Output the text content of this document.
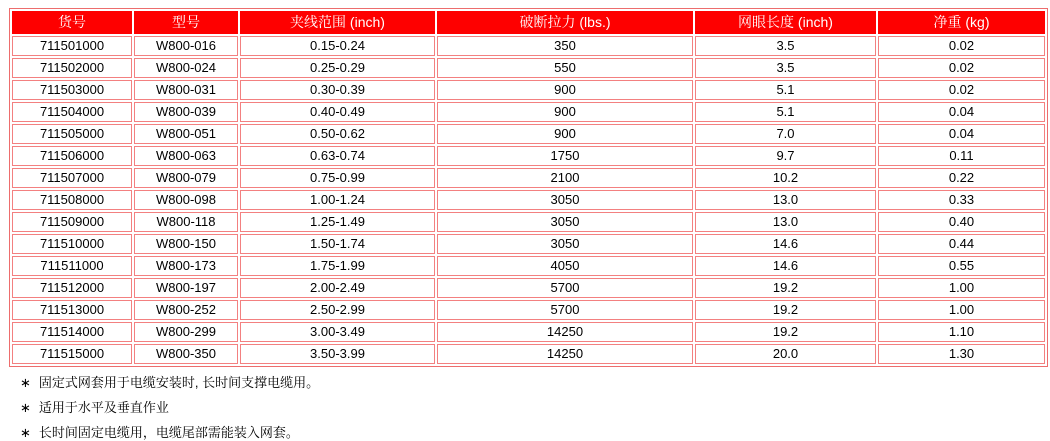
货号	型号	夹线范围 (inch)	破断拉力 (lbs.)	网眼长度 (inch)	净重 (kg)
711501000	W800-016	0.15-0.24	350	3.5	0.02
711502000	W800-024	0.25-0.29	550	3.5	0.02
711503000	W800-031	0.30-0.39	900	5.1	0.02
711504000	W800-039	0.40-0.49	900	5.1	0.04
711505000	W800-051	0.50-0.62	900	7.0	0.04
711506000	W800-063	0.63-0.74	1750	9.7	0.11
711507000	W800-079	0.75-0.99	2100	10.2	0.22
711508000	W800-098	1.00-1.24	3050	13.0	0.33
711509000	W800-118	1.25-1.49	3050	13.0	0.40
711510000	W800-150	1.50-1.74	3050	14.6	0.44
711511000	W800-173	1.75-1.99	4050	14.6	0.55
711512000	W800-197	2.00-2.49	5700	19.2	1.00
711513000	W800-252	2.50-2.99	5700	19.2	1.00
711514000	W800-299	3.00-3.49	14250	19.2	1.10
711515000	W800-350	3.50-3.99	14250	20.0	1.30
∗ 固定式网套用于电缆安装时, 长时间支撑电缆用。
∗ 适用于水平及垂直作业
∗ 长时间固定电缆用，电缆尾部需能装入网套。
